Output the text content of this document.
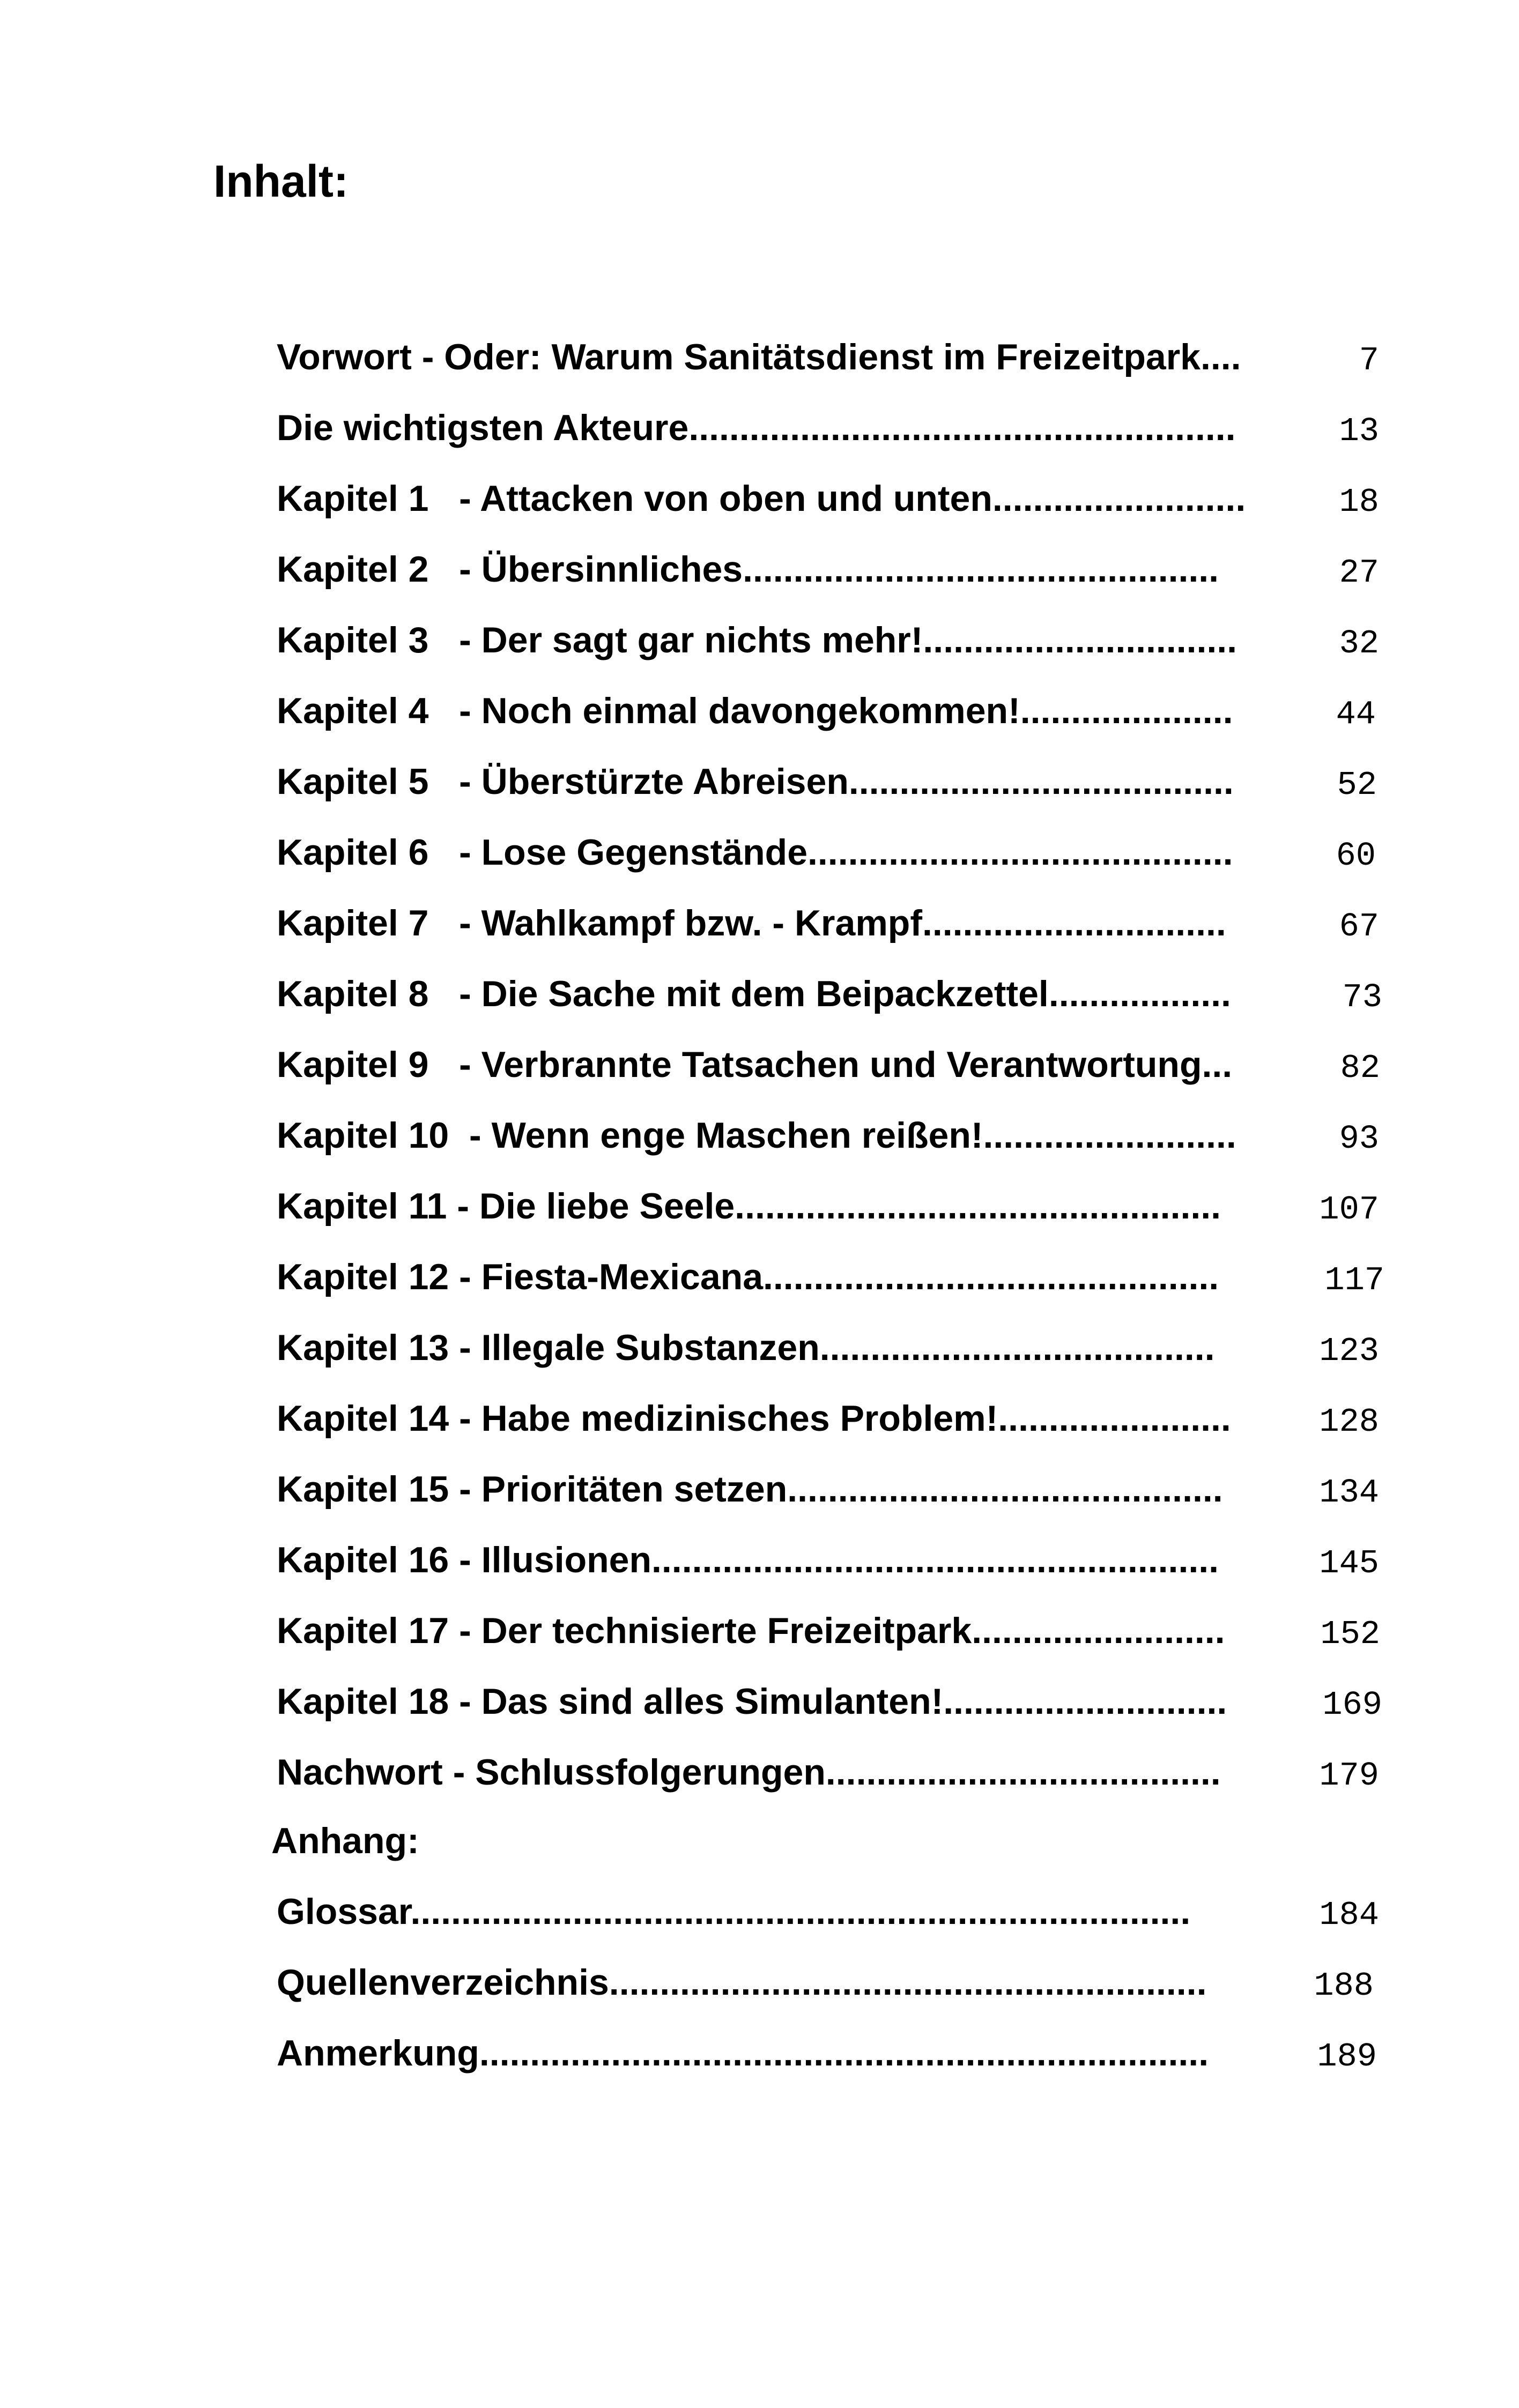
Inhalt:
Vorwort - Oder: Warum Sanitätsdienst im Freizeitpark....	7
Die wichtigsten Akteure......................................................	13
Kapitel 1   - Attacken von oben und unten.........................	18
Kapitel 2   - Übersinnliches...............................................	27
Kapitel 3   - Der sagt gar nichts mehr!...............................	32
Kapitel 4   - Noch einmal davongekommen!.....................	44
Kapitel 5   - Überstürzte Abreisen......................................	52
Kapitel 6   - Lose Gegenstände..........................................	60
Kapitel 7   - Wahlkampf bzw. - Krampf..............................	67
Kapitel 8   - Die Sache mit dem Beipackzettel..................	73
Kapitel 9   - Verbrannte Tatsachen und Verantwortung...	82
Kapitel 10  - Wenn enge Maschen reißen!.........................	93
Kapitel 11 - Die liebe Seele................................................	107
Kapitel 12 - Fiesta-Mexicana.............................................	117
Kapitel 13 - Illegale Substanzen.......................................	123
Kapitel 14 - Habe medizinisches Problem!.......................	128
Kapitel 15 - Prioritäten setzen...........................................	134
Kapitel 16 - Illusionen........................................................	145
Kapitel 17 - Der technisierte Freizeitpark.........................	152
Kapitel 18 - Das sind alles Simulanten!............................	169
Nachwort - Schlussfolgerungen.......................................	179
Anhang:
Glossar.............................................................................	184
Quellenverzeichnis...........................................................	188
Anmerkung........................................................................	189
